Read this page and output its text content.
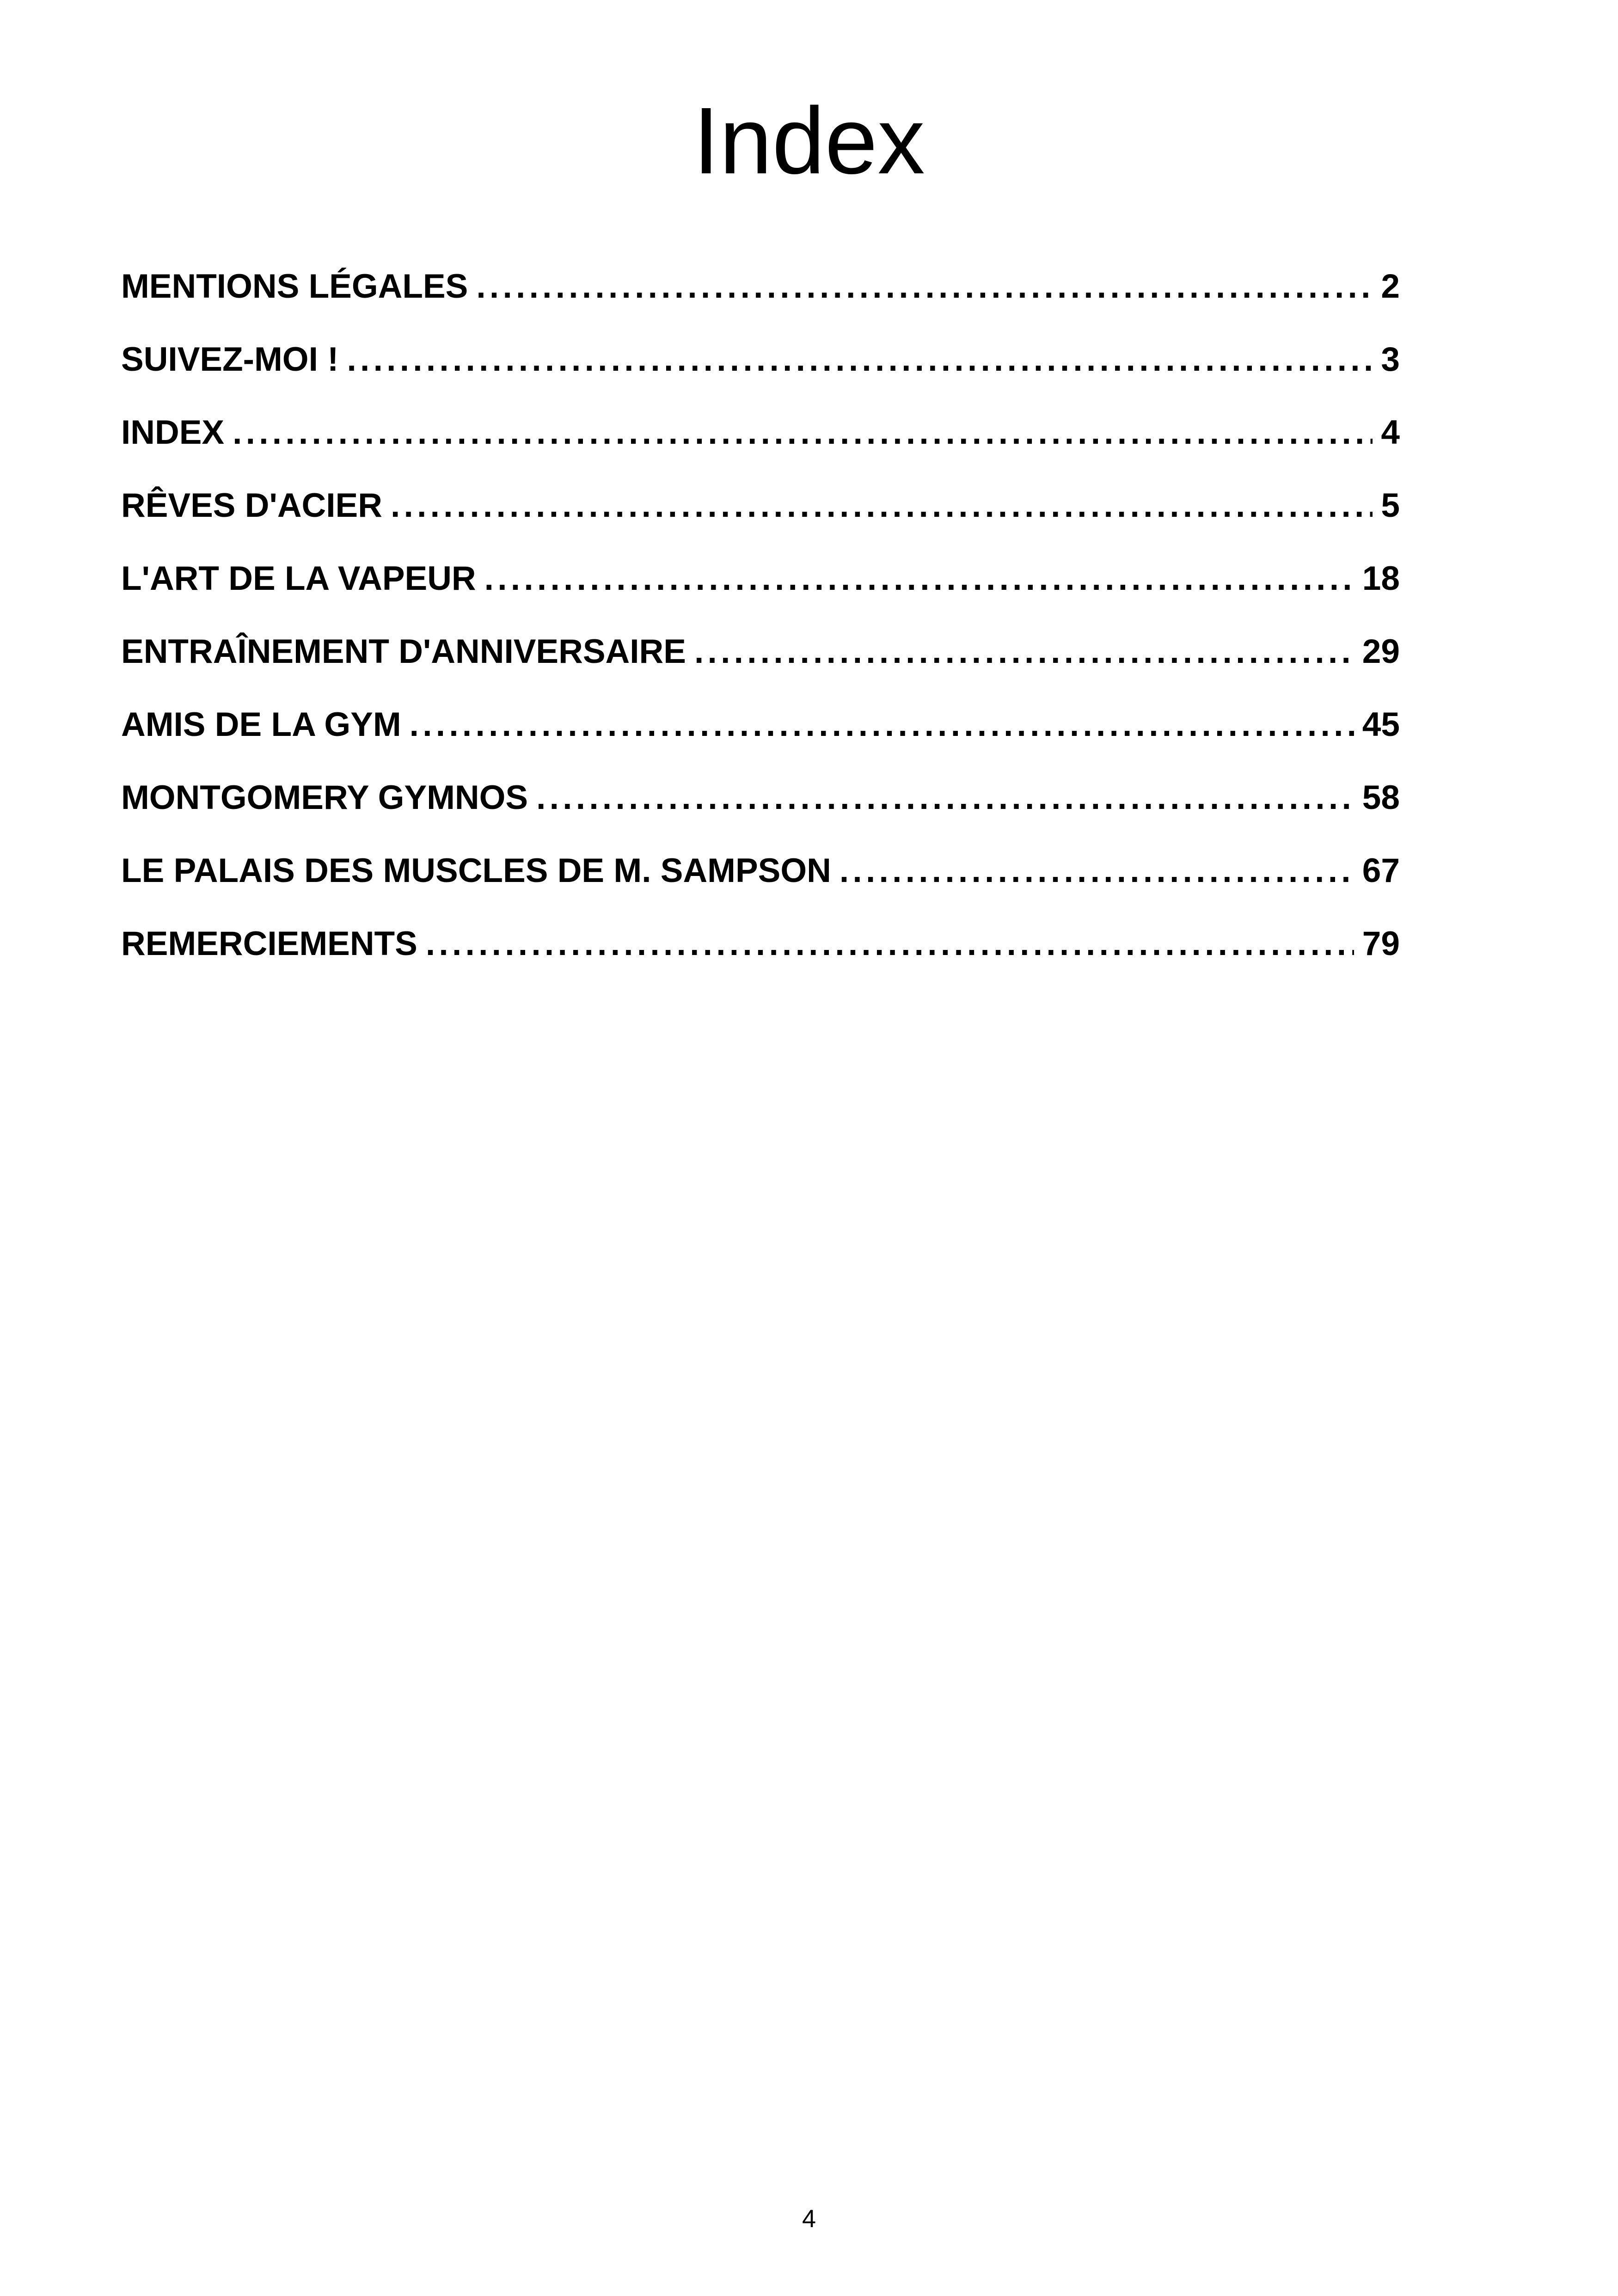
Index
MENTIONS LÉGALES . . .	2
SUIVEZ-MOI ! . . .	3
INDEX . . .	4
RÊVES D'ACIER . . .	5
L'ART DE LA VAPEUR . . .	18
ENTRAÎNEMENT D'ANNIVERSAIRE . . .	29
AMIS DE LA GYM . . .	45
MONTGOMERY GYMNOS . . .	58
LE PALAIS DES MUSCLES DE M. SAMPSON . . .	67
REMERCIEMENTS . . .	79
4
